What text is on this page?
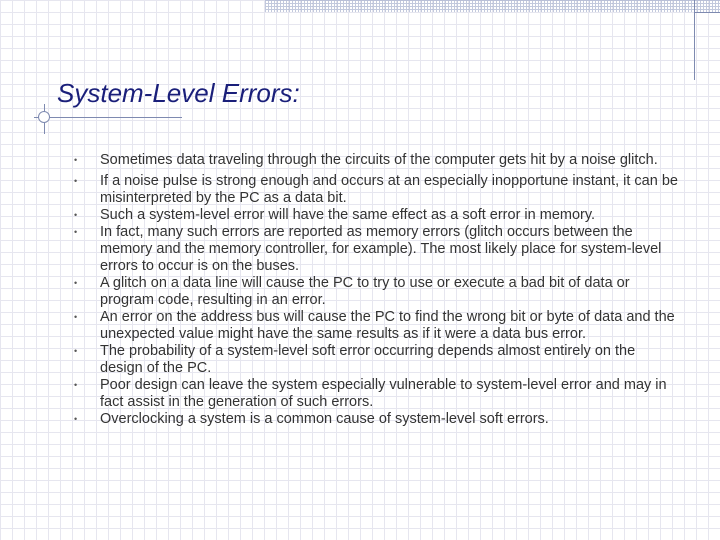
System-Level Errors:
• Sometimes data traveling through the circuits of the computer gets hit by a noise glitch.
• If a noise pulse is strong enough and occurs at an especially inopportune instant, it can be misinterpreted by the PC as a data bit.
• Such a system-level error will have the same effect as a soft error in memory.
• In fact, many such errors are reported as memory errors (glitch occurs between the memory and the memory controller, for example). The most likely place for system-level errors to occur is on the buses.
• A glitch on a data line will cause the PC to try to use or execute a bad bit of data or program code, resulting in an error.
• An error on the address bus will cause the PC to find the wrong bit or byte of data and the unexpected value might have the same results as if it were a data bus error.
• The probability of a system-level soft error occurring depends almost entirely on the design of the PC.
• Poor design can leave the system especially vulnerable to system-level error and may in fact assist in the generation of such errors.
• Overclocking a system is a common cause of system-level soft errors.
